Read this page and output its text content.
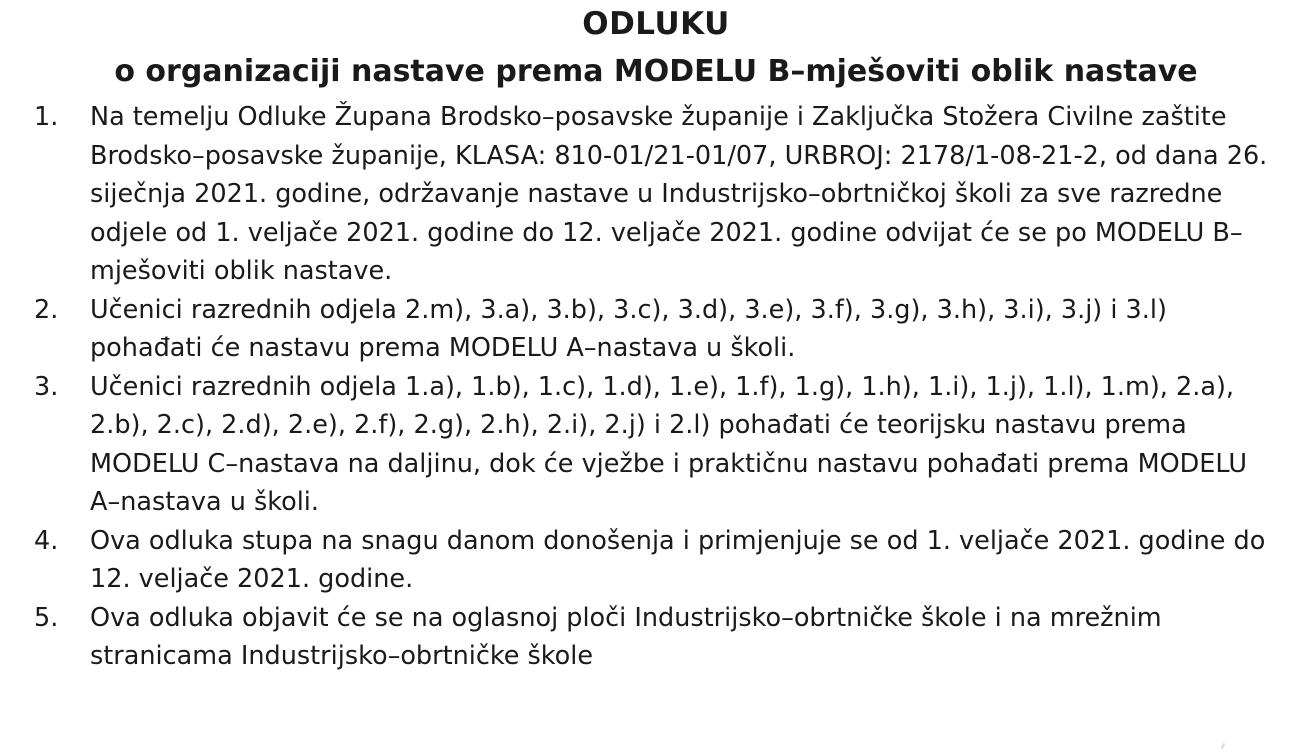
ODLUKU
o organizaciji nastave prema MODELU B–mješoviti oblik nastave
1. Na temelju Odluke Župana Brodsko–posavske županije i Zaključka Stožera Civilne zaštite Brodsko–posavske županije, KLASA: 810-01/21-01/07, URBROJ: 2178/1-08-21-2, od dana 26. siječnja 2021. godine, održavanje nastave u Industrijsko–obrtničkoj školi za sve razredne odjele od 1. veljače 2021. godine do 12. veljače 2021. godine odvijat će se po MODELU B–mješoviti oblik nastave.
2. Učenici razrednih odjela 2.m), 3.a), 3.b), 3.c), 3.d), 3.e), 3.f), 3.g), 3.h), 3.i), 3.j) i 3.l) pohađati će nastavu prema MODELU A–nastava u školi.
3. Učenici razrednih odjela 1.a), 1.b), 1.c), 1.d), 1.e), 1.f), 1.g), 1.h), 1.i), 1.j), 1.l), 1.m), 2.a), 2.b), 2.c), 2.d), 2.e), 2.f), 2.g), 2.h), 2.i), 2.j) i 2.l) pohađati će teorijsku nastavu prema MODELU C–nastava na daljinu, dok će vježbe i praktičnu nastavu pohađati prema MODELU A–nastava u školi.
4. Ova odluka stupa na snagu danom donošenja i primjenjuje se od 1. veljače 2021. godine do 12. veljače 2021. godine.
5. Ova odluka objavit će se na oglasnoj ploči Industrijsko–obrtničke škole i na mrežnim stranicama Industrijsko–obrtničke škole
